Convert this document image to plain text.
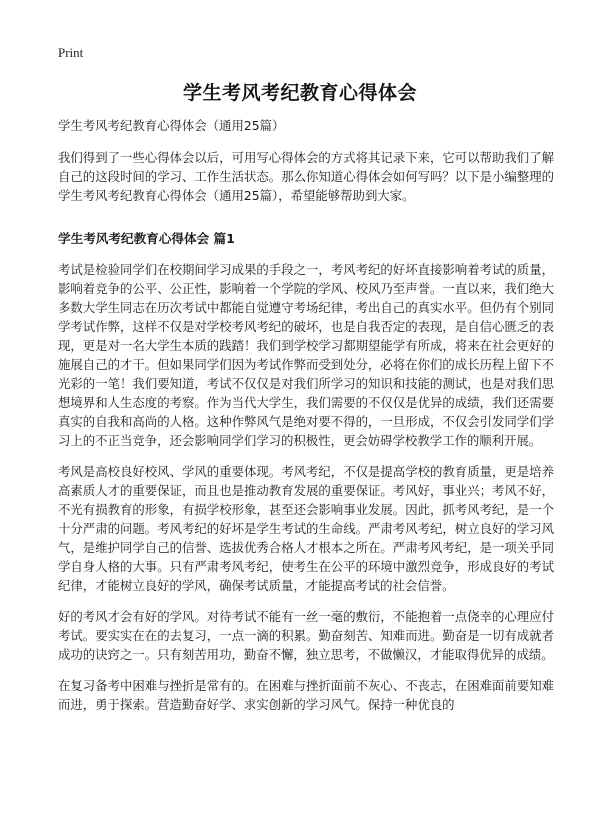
Print
学生考风考纪教育心得体会

学生考风考纪教育心得体会（通用25篇）

我们得到了一些心得体会以后，可用写心得体会的方式将其记录下来，它可以帮助我们了解自己的这段时间的学习、工作生活状态。那么你知道心得体会如何写吗？以下是小编整理的学生考风考纪教育心得体会（通用25篇），希望能够帮助到大家。

学生考风考纪教育心得体会 篇1

考试是检验同学们在校期间学习成果的手段之一，考风考纪的好坏直接影响着考试的质量，影响着竞争的公平、公正性，影响着一个学院的学风、校风乃至声誉。一直以来，我们绝大多数大学生同志在历次考试中都能自觉遵守考场纪律，考出自己的真实水平。但仍有个别同学考试作弊，这样不仅是对学校考风考纪的破坏，也是自我否定的表现，是自信心匮乏的表现，更是对一名大学生本质的践踏！我们到学校学习都期望能学有所成，将来在社会更好的施展自己的才干。但如果同学们因为考试作弊而受到处分，必将在你们的成长历程上留下不光彩的一笔！我们要知道，考试不仅仅是对我们所学习的知识和技能的测试，也是对我们思想境界和人生态度的考察。作为当代大学生，我们需要的不仅仅是优异的成绩，我们还需要真实的自我和高尚的人格。这种作弊风气是绝对要不得的，一旦形成，不仅会引发同学们学习上的不正当竞争，还会影响同学们学习的积极性，更会妨碍学校教学工作的顺利开展。

考风是高校良好校风、学风的重要体现。考风考纪，不仅是提高学校的教育质量，更是培养高素质人才的重要保证，而且也是推动教育发展的重要保证。考风好，事业兴；考风不好，不光有损教育的形象，有损学校形象，甚至还会影响事业发展。因此，抓考风考纪，是一个十分严肃的问题。考风考纪的好坏是学生考试的生命线。严肃考风考纪，树立良好的学习风气，是维护同学自己的信誉、选拔优秀合格人才根本之所在。严肃考风考纪，是一项关乎同学自身人格的大事。只有严肃考风考纪，使考生在公平的环境中激烈竞争，形成良好的考试纪律，才能树立良好的学风，确保考试质量，才能提高考试的社会信誉。

好的考风才会有好的学风。对待考试不能有一丝一毫的敷衍，不能抱着一点侥幸的心理应付考试。要实实在在的去复习，一点一滴的积累。勤奋刻苦、知难而进。勤奋是一切有成就者成功的诀窍之一。只有刻苦用功，勤奋不懈，独立思考，不做懒汉，才能取得优异的成绩。

在复习备考中困难与挫折是常有的。在困难与挫折面前不灰心、不丧志，在困难面前要知难而进，勇于探索。营造勤奋好学、求实创新的学习风气。保持一种优良的
